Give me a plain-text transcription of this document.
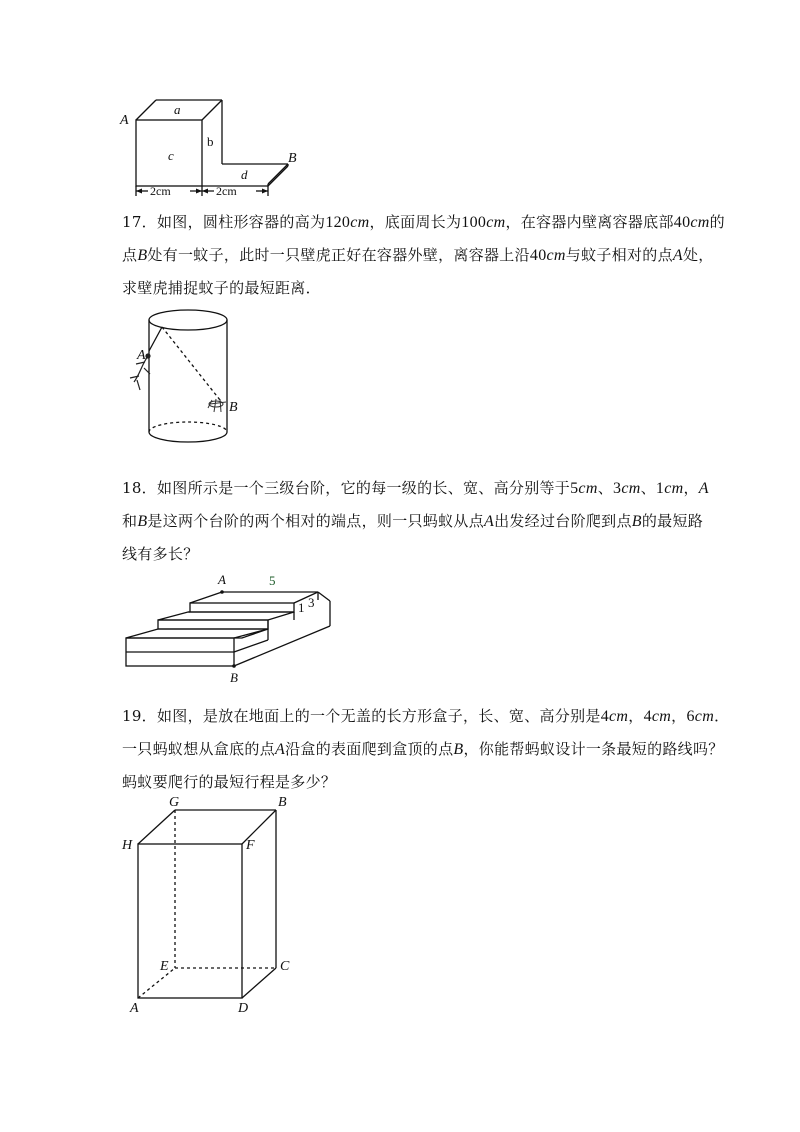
A
a
b
c
d
B
2cm	2cm

17．如图，圆柱形容器的高为120cm，底面周长为100cm，在容器内壁离容器底部40cm的

点B处有一蚊子，此时一只壁虎正好在容器外壁，离容器上沿40cm与蚊子相对的点A处，

求壁虎捕捉蚊子的最短距离．

A
B

18．如图所示是一个三级台阶，它的每一级的长、宽、高分别等于5cm、3cm、1cm，A

和B是这两个台阶的两个相对的端点，则一只蚂蚁从点A出发经过台阶爬到点B的最短路

线有多长？

A	5
1 3
B

19．如图，是放在地面上的一个无盖的长方形盒子，长、宽、高分别是4cm，4cm，6cm．

一只蚂蚁想从盒底的点A沿盒的表面爬到盒顶的点B，你能帮蚂蚁设计一条最短的路线吗？

蚂蚁要爬行的最短行程是多少？

G	B
H	F
E	C
A	D
